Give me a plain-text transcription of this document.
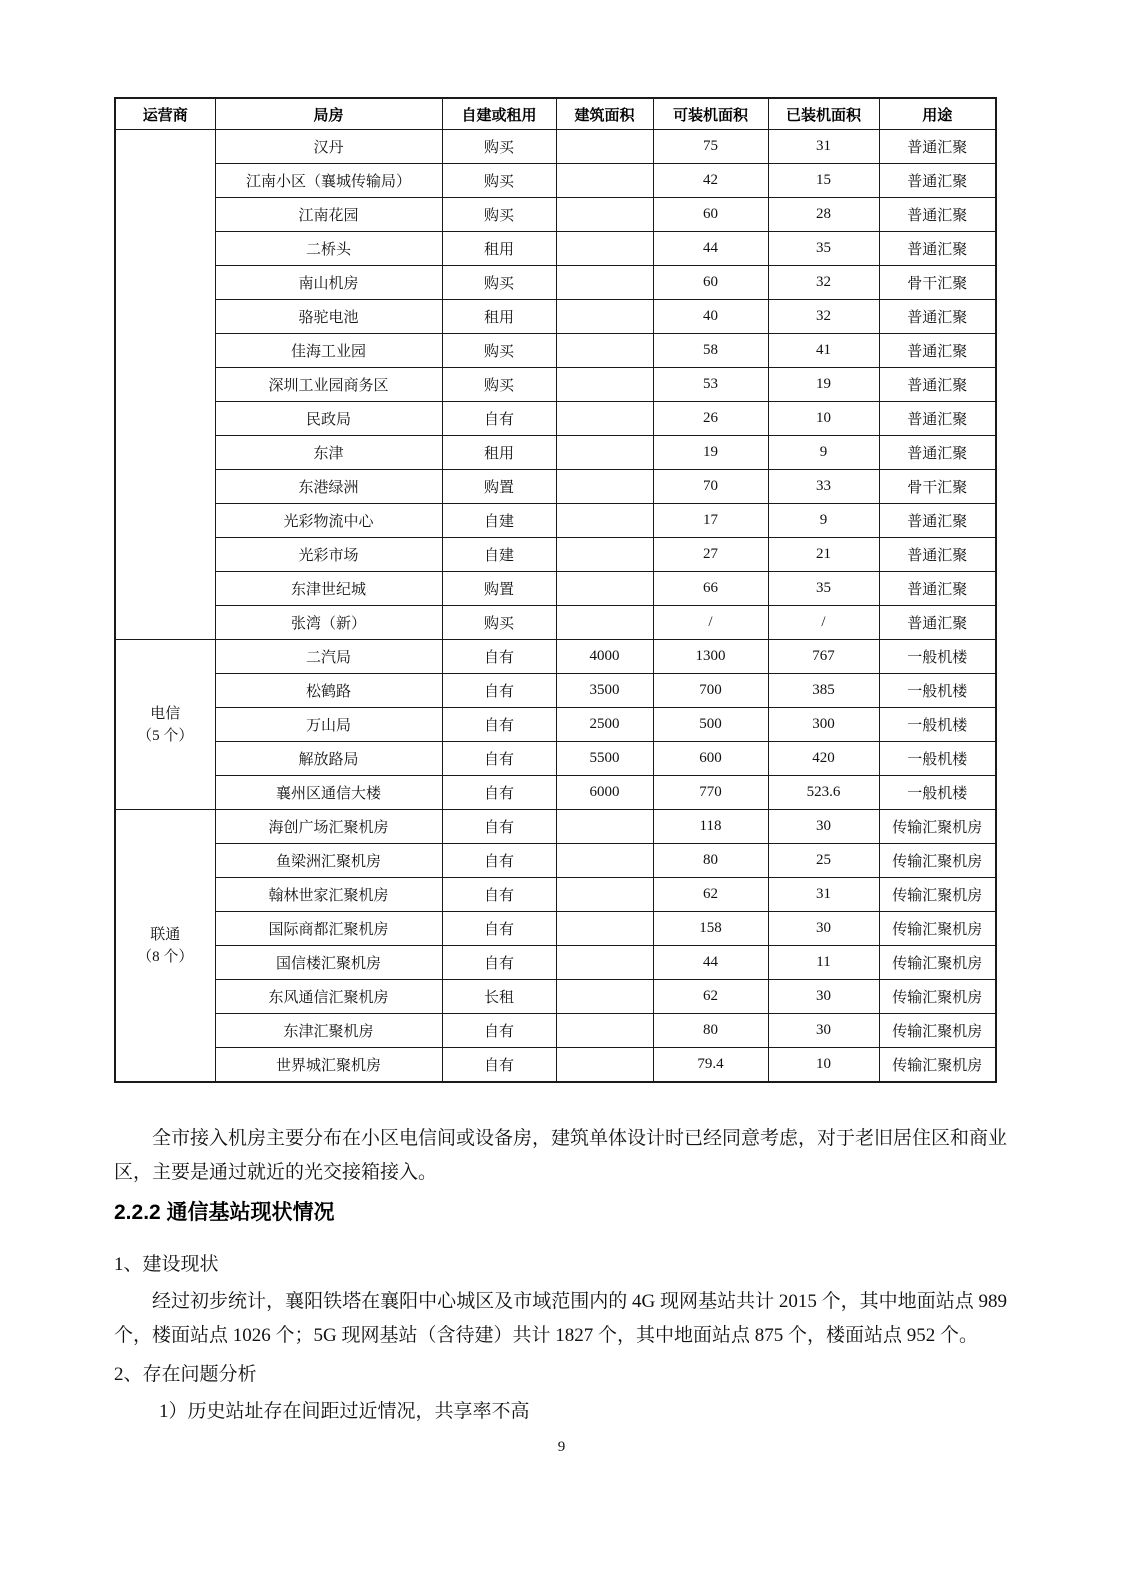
运营商	局房	自建或租用	建筑面积	可装机面积	已装机面积	用途

	汉丹	购买		75	31	普通汇聚
	江南小区（襄城传输局）	购买		42	15	普通汇聚
	江南花园	购买		60	28	普通汇聚
	二桥头	租用		44	35	普通汇聚
	南山机房	购买		60	32	骨干汇聚
	骆驼电池	租用		40	32	普通汇聚
	佳海工业园	购买		58	41	普通汇聚
	深圳工业园商务区	购买		53	19	普通汇聚
	民政局	自有		26	10	普通汇聚
	东津	租用		19	9	普通汇聚
	东港绿洲	购置		70	33	骨干汇聚
	光彩物流中心	自建		17	9	普通汇聚
	光彩市场	自建		27	21	普通汇聚
	东津世纪城	购置		66	35	普通汇聚
	张湾（新）	购买		/	/	普通汇聚

电信
（5 个）	二汽局	自有	4000	1300	767	一般机楼
	松鹤路	自有	3500	700	385	一般机楼
	万山局	自有	2500	500	300	一般机楼
	解放路局	自有	5500	600	420	一般机楼
	襄州区通信大楼	自有	6000	770	523.6	一般机楼

联通
（8 个）	海创广场汇聚机房	自有		118	30	传输汇聚机房
	鱼梁洲汇聚机房	自有		80	25	传输汇聚机房
	翰林世家汇聚机房	自有		62	31	传输汇聚机房
	国际商都汇聚机房	自有		158	30	传输汇聚机房
	国信楼汇聚机房	自有		44	11	传输汇聚机房
	东风通信汇聚机房	长租		62	30	传输汇聚机房
	东津汇聚机房	自有		80	30	传输汇聚机房
	世界城汇聚机房	自有		79.4	10	传输汇聚机房

全市接入机房主要分布在小区电信间或设备房，建筑单体设计时已经同意考虑，对于老旧居住区和商业区，主要是通过就近的光交接箱接入。

2.2.2 通信基站现状情况

1、建设现状

经过初步统计，襄阳铁塔在襄阳中心城区及市域范围内的 4G 现网基站共计 2015 个，其中地面站点 989 个，楼面站点 1026 个；5G 现网基站（含待建）共计 1827 个，其中地面站点 875 个，楼面站点 952 个。

2、存在问题分析

1）历史站址存在间距过近情况，共享率不高

9
